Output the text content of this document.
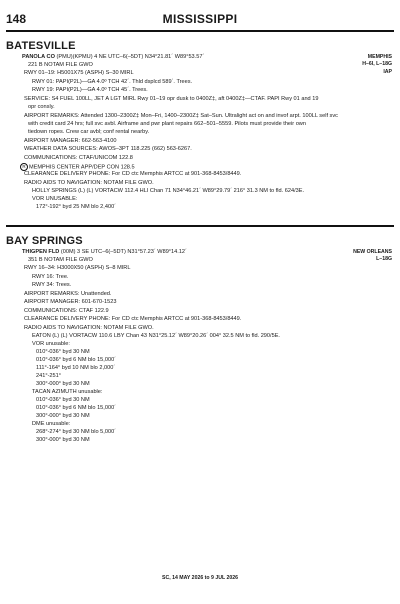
148	MISSISSIPPI
BATESVILLE
PANOLA CO (PMU)(KPMU) 4 NE UTC–6(–5DT) N34°21.81´ W89°53.57´	MEMPHIS
H–6I, L–18G
IAP
221 B NOTAM FILE GWO
RWY 01–19: H5001X75 (ASPH) S–30 MIRL
RWY 01: PAPI(P2L)—GA 4.0º TCH 42´. Thld dsplcd 589´. Trees.
RWY 19: PAPI(P2L)—GA 4.0º TCH 45´. Trees.
SERVICE: S4 FUEL 100LL, JET A LGT MIRL Rwy 01–19 opr dusk to 0400Z‡, aft 0400Z‡—CTAF. PAPI Rwy 01 and 19
opr consly.
AIRPORT REMARKS: Attended 1300–2300Z‡ Mon–Fri, 1400–2300Z‡ Sat–Sun. Ultralight act on and invof arpt. 100LL self svc
with credit card 24 hrs; full svc avbl. Airframe and pwr plant repairs 662–501–5559. Pilots must provide their own
tiedown ropes. Crew car avbl; conf rental nearby.
AIRPORT MANAGER: 662-563-4100
WEATHER DATA SOURCES: AWOS–3PT 118.225 (662) 563-6267.
COMMUNICATIONS: CTAF/UNICOM 122.8
R MEMPHIS CENTER APP/DEP CON 128.5
CLEARANCE DELIVERY PHONE: For CD ctc Memphis ARTCC at 901-368-8453/8449.
RADIO AIDS TO NAVIGATION: NOTAM FILE GWO.
HOLLY SPRINGS (L) (L) VORTACW 112.4 HLI Chan 71 N34°46.21´ W89°29.79´ 216° 31.3 NM to fld. 624/3E.
VOR UNUSABLE:
172°-192° byd 25 NM blo 2,400´
BAY SPRINGS
THIGPEN FLD (00M) 3 SE UTC–6(–5DT) N31°57.23´ W89°14.12´	NEW ORLEANS
L–18G
351 B NOTAM FILE GWO
RWY 16–34: H3000X50 (ASPH) S–8 MIRL
RWY 16: Tree.
RWY 34: Trees.
AIRPORT REMARKS: Unattended.
AIRPORT MANAGER: 601-670-1523
COMMUNICATIONS: CTAF 122.9
CLEARANCE DELIVERY PHONE: For CD ctc Memphis ARTCC at 901-368-8453/8449.
RADIO AIDS TO NAVIGATION: NOTAM FILE GWO.
EATON (L) (L) VORTACW 110.6 LBY Chan 43 N31°25.12´ W89°20.26´ 004° 32.5 NM to fld. 290/5E.
VOR unusable:
010°-036° byd 30 NM
010°-036° byd 6 NM blo 15,000´
111°-164° byd 10 NM blo 2,000´
241°-251°
300°-000° byd 30 NM
TACAN AZIMUTH unusable:
010°-036° byd 30 NM
010°-036° byd 6 NM blo 15,000´
300°-000° byd 30 NM
DME unusable:
268°-274° byd 30 NM blo 5,000´
300°-000° byd 30 NM
SC, 14 MAY 2026 to 9 JUL 2026
